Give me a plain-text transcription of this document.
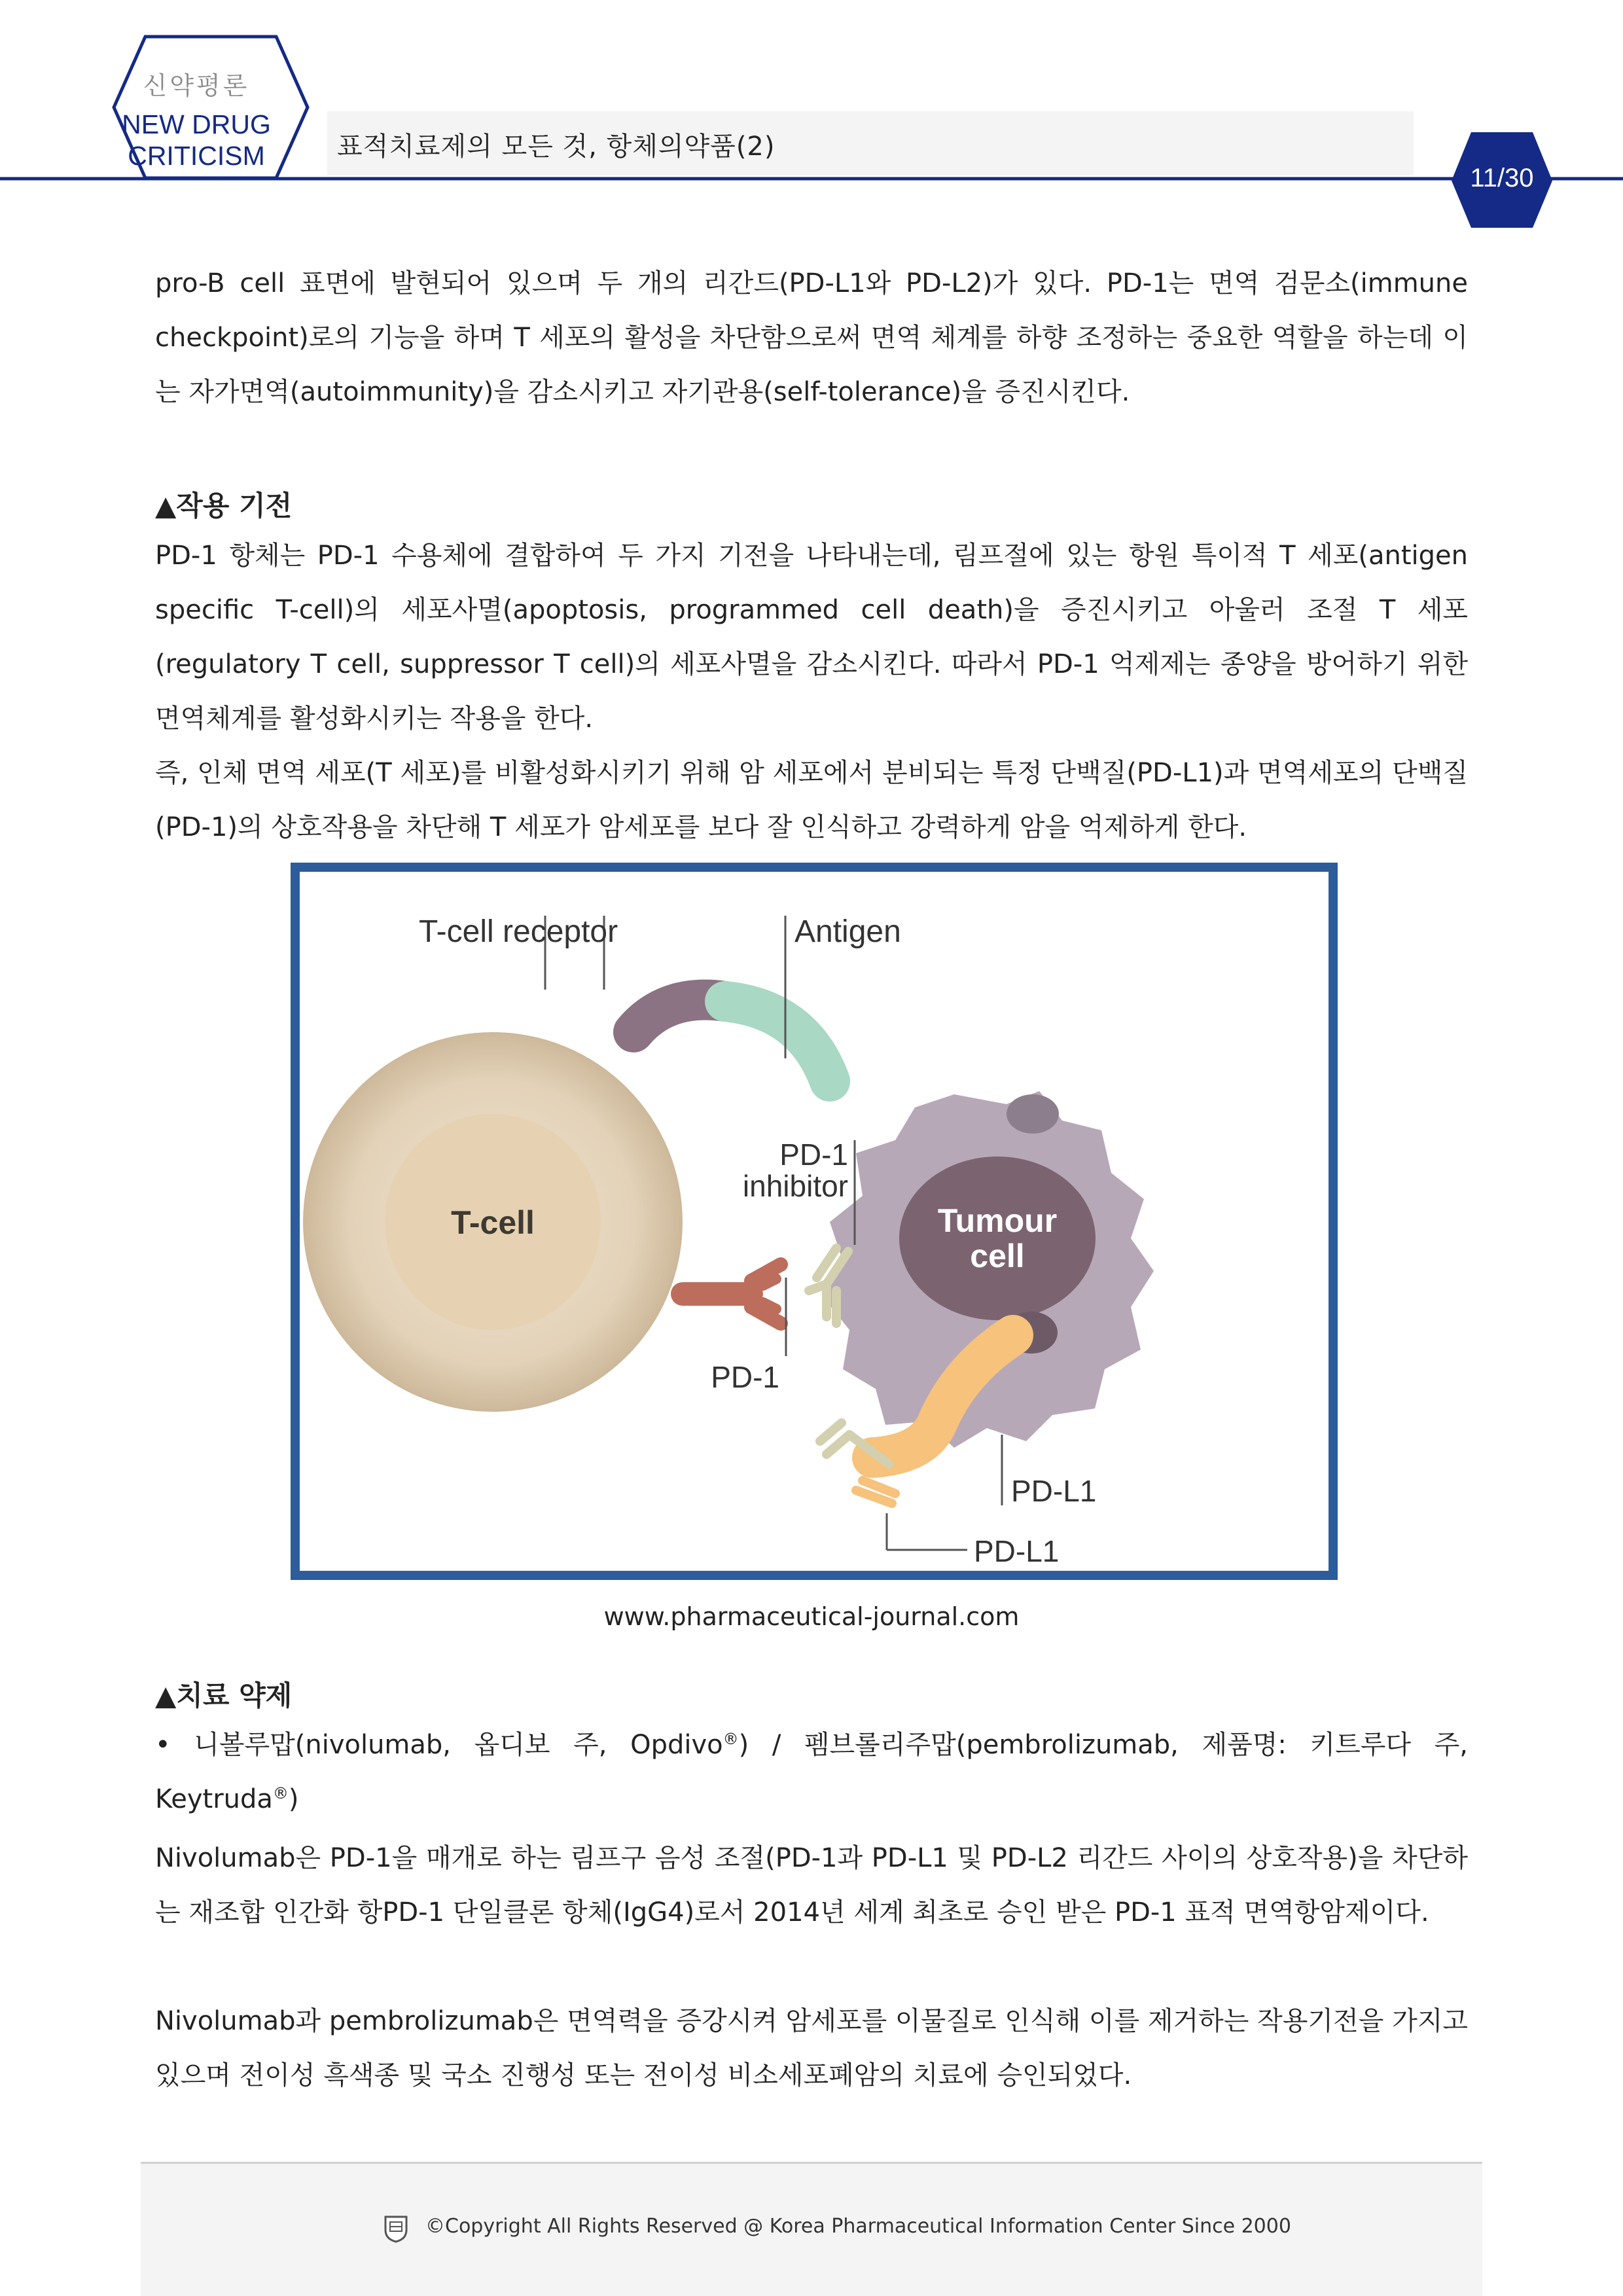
신약평론
NEW DRUG
CRITICISM	표적치료제의 모든 것, 항체의약품(2)
11/30

pro-B cell 표면에 발현되어 있으며 두 개의 리간드(PD-L1와 PD-L2)가 있다. PD-1는 면역 검문소(immune checkpoint)로의 기능을 하며 T 세포의 활성을 차단함으로써 면역 체계를 하향 조정하는 중요한 역할을 하는데 이는 자가면역(autoimmunity)을 감소시키고 자기관용(self-tolerance)을 증진시킨다.

▲작용 기전

PD-1 항체는 PD-1 수용체에 결합하여 두 가지 기전을 나타내는데, 림프절에 있는 항원 특이적 T 세포(antigen specific T-cell)의 세포사멸(apoptosis, programmed cell death)을 증진시키고 아울러 조절 T 세포(regulatory T cell, suppressor T cell)의 세포사멸을 감소시킨다. 따라서 PD-1 억제제는 종양을 방어하기 위한 면역체계를 활성화시키는 작용을 한다.

즉, 인체 면역 세포(T 세포)를 비활성화시키기 위해 암 세포에서 분비되는 특정 단백질(PD-L1)과 면역세포의 단백질(PD-1)의 상호작용을 차단해 T 세포가 암세포를 보다 잘 인식하고 강력하게 암을 억제하게 한다.

T-cell receptor	Antigen
PD-1
inhibitor
PD-1
PD-L1
PD-L1
T-cell	Tumour
cell
www.pharmaceutical-journal.com
▲치료 약제

• 니볼루맙(nivolumab, 옵디보 주, Opdivo®) / 펨브롤리주맙(pembrolizumab, 제품명: 키트루다 주, Keytruda®)

Nivolumab은 PD-1을 매개로 하는 림프구 음성 조절(PD-1과 PD-L1 및 PD-L2 리간드 사이의 상호작용)을 차단하는 재조합 인간화 항PD-1 단일클론 항체(IgG4)로서 2014년 세계 최초로 승인 받은 PD-1 표적 면역항암제이다.

Nivolumab과 pembrolizumab은 면역력을 증강시켜 암세포를 이물질로 인식해 이를 제거하는 작용기전을 가지고 있으며 전이성 흑색종 및 국소 진행성 또는 전이성 비소세포폐암의 치료에 승인되었다.

©Copyright All Rights Reserved @ Korea Pharmaceutical Information Center Since 2000
